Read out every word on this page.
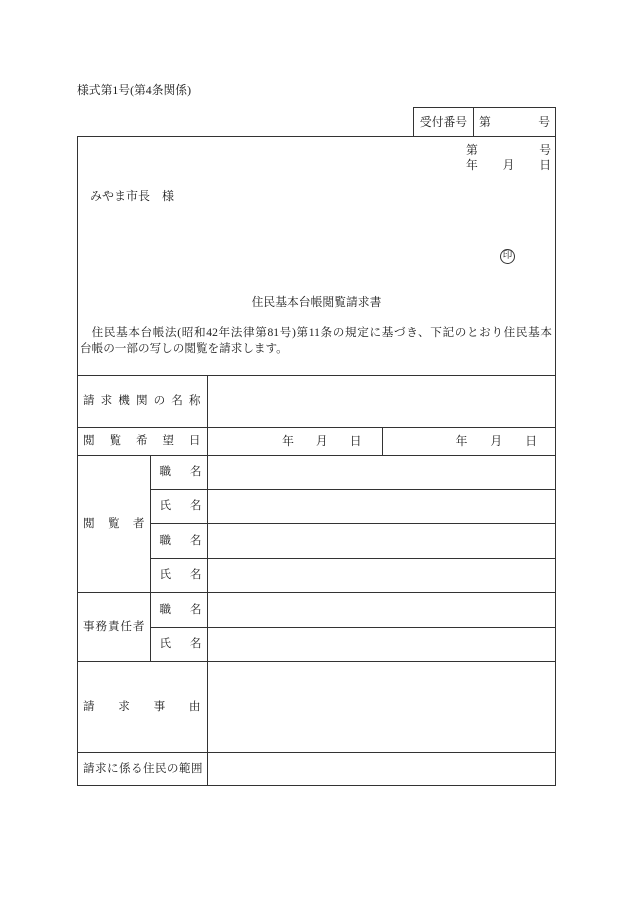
様式第1号(第4条関係)
受付番号	第	号
第	号
年 月 日
みやま市長　様
印
住民基本台帳閲覧請求書
住民基本台帳法(昭和42年法律第81号)第11条の規定に基づき、下記のとおり住民基本
台帳の一部の写しの閲覧を請求します。
請求機関の名称			
閲覧希望日		年 月 日	年 月 日

閲覧者	職名		
	氏名		
	職名		
	氏名		
事務責任者	職名		
	氏名		
請求事由			
請求に係る住民の範囲			
